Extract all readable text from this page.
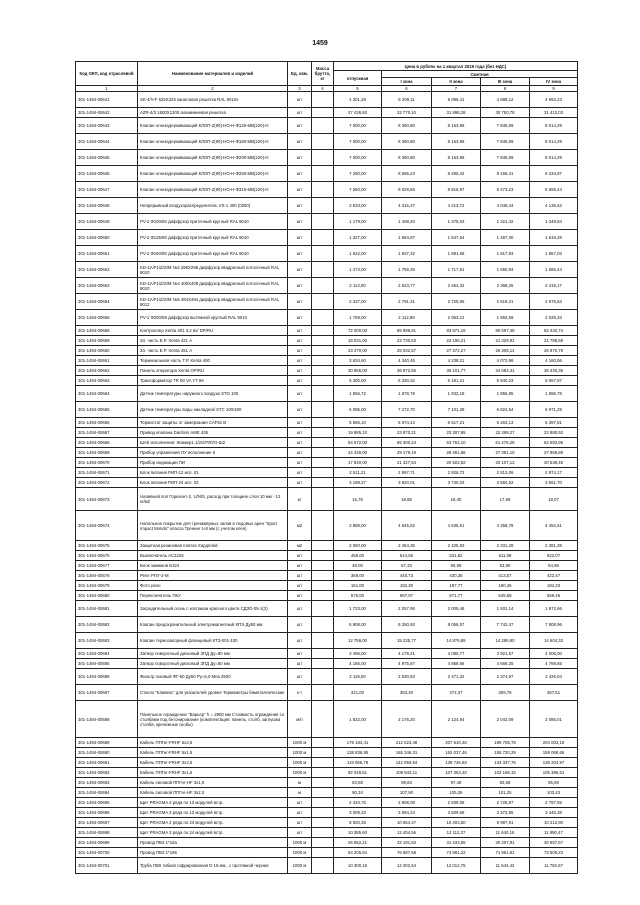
1459
Код ОКП, код отраслевой	Наименование материалов и изделий	Ед. изм.	Масса брутто, кг	Цена в рублях на 1 квартал 2019 года (без НДС)				
				отпускная	Сметная			
					I зона	II зона	III зона	IV зона
1	2	3	4	5	6	7	8	9
301-1494-00641	SK-4/V-F 625Х325 каналовая решетка RAL 9010s	шт		4 301,28	5 209,11	5 086,41	4 888,12	4 993,23
301-1494-00642	AZR-4/3 1500Х1200 алюминиевая решетка	шт		27 436,50	32 770,10	31 998,28	30 750,78	31 412,03
301-1494-00643	Клапан огнезадерживающий КЛОП-2(90)-НО-Н-Ф125-МВ(220)-Н	шт		7 000,00	8 360,80	8 163,86	7 845,59	8 014,29
301-1494-00644	Клапан огнезадерживающий КЛОП-2(90)-НО-Н-Ф160-МВ(220)-Н	шт		7 000,00	8 360,80	8 163,86	7 845,59	8 014,29
301-1494-00645	Клапан огнезадерживающий КЛОП-2(90)-НО-Н-Ф200-МВ(220)-Н	шт		7 000,00	8 360,80	8 163,86	7 845,59	8 014,29
301-1494-00646	Клапан огнезадерживающий КЛОП-2(90)-НО-Н-Ф250-МВ(220)-Н	шт		7 280,00	8 695,23	8 490,42	8 159,41	8 334,87
301-1494-00647	Клапан огнезадерживающий КЛОП-2(90)-НО-Н-Ф315-МВ(220)-Н	шт		7 560,00	9 029,66	8 816,97	8 473,23	8 655,44
301-1494-00648	Непрерывный воздухораспределитель VS-1 400 (0250)	шт		3 533,00	4 315,37	4 213,72	4 049,44	4 136,52
301-1494-00649	PV-2 Ф100/60 диффузор приточный круглый RAL 9010	шт		1 179,00	1 408,20	1 375,03	1 321,42	1 349,84
301-1494-00650	PV-2 Ф125/80 диффузор приточный круглый RAL 9010	шт		1 327,00	1 584,97	1 547,64	1 487,30	1 519,28
301-1494-00651	PV-2 Ф160/80 диффузор приточный круглый RAL 9010	шт		1 622,00	1 937,32	1 891,68	1 817,93	1 857,03
301-1494-00652	KD-1A/F1/Z/S/M №2 298Х298 диффузор квадратный потолочный RAL 9010	шт		1 473,00	1 759,35	1 717,91	1 650,94	1 686,44
301-1494-00653	KD-1A/F1/Z/S/M №4 408Х408 диффузор квадратный потолочный RAL 9010	шт		2 113,00	2 523,77	2 464,32	2 368,25	2 419,17
301-1494-00654	KD-1A/F1/Z/S/M №5 484Х484 диффузор квадратный потолочный RAL 9012	шт		2 337,00	2 791,31	2 725,56	2 619,31	2 675,63
301-1494-00656	PV-1 Ф200/59 диффузор вытяжной круглый RAL 9010	шт		1 769,00	2 112,89	2 063,12	1 982,69	2 025,33
301-1494-00658	Контроллер Xenta 401 3,2 вх/ DP/RU	шт		72 000,00	85 996,81	83 971,16	80 697,48	82 432,74
301-1494-00659	Зл. часть E.P. Xenta 421 А	шт		19 031,00	22 730,63	22 195,21	21 329,91	21 788,58
301-1494-00660	Зл. часть E.P. Xenta 451 А	шт		23 470,00	28 032,57	27 372,27	26 305,14	26 870,79
301-1494-00661	Терминальная часть Т.Р. Xenta 400	шт		3 634,60	4 340,45	4 238,21	4 072,98	4 160,56
301-1494-00662	Панель оператора Xenta OP/RU	шт		30 955,00	36 972,66	36 101,77	34 694,31	35 440,35
301-1494-00663	Трансформатор TR 50 VA YT 96	шт		5 300,00	6 330,32	6 181,21	5 940,23	6 067,97
301-1494-00664	Датчик температуры наружного воздуха STO 100	шт		1 656,72	1 978,79	1 932,18	1 856,85	1 896,78
301-1494-00665	Датчик температуры воды накладной STC 100/400	шт		6 085,00	7 272,70	7 101,39	6 824,54	6 971,29
301-1494-00666	Термостат защиты от замерзания CAF81 В	шт		5 586,10	6 674,43	6 517,21	6 263,13	6 397,81
301-1494-00667	Привод клапана Danfoss AME 435	шт		19 985,10	23 870,21	23 307,95	22 399,27	22 880,92
301-1494-00668	ШАК исполнения: Жаккер1.1/2О/ПЛУО-Ш2	шт		54 672,00	65 300,24	63 762,10	61 276,28	62 593,95
301-1494-00669	Прибор управления ПУ исполнение 5	шт		24 430,00	29 179,19	28 491,88	27 381,10	27 969,89
301-1494-00670	Прибор индикации ПИ	шт		17 940,00	21 427,54	20 922,82	20 107,12	20 539,49
301-1494-00671	Блок питания РИП-12 исп. 01	шт		2 511,21	2 997,71	2 926,72	2 813,06	2 874,17
301-1494-00672	Блок питания РИП-24 исп. 02	шт		3 198,27	3 820,01	3 730,03	3 584,62	3 661,70
301-1494-00673	Наливной пол Горизонт-2, U/N/S, расход при толщине слоя 10 мм - 13 кг/м2	кг		15,76	18,85	18,40	17,69	18,07
301-1494-00674	Напольное покрытие для тренажёрных залов в ледовых арен "Sport Impact Mondo" класса Тренинг t=8 мм (с учетом клея)	м2		3 889,00	4 645,02	4 535,61	4 358,78	4 452,51
301-1494-00675	Защитная резиновая плитка Хардплей	м2		2 060,00	2 454,35	2 425,83	2 331,28	2 381,38
301-1494-00676	Выключатель АС2226	шт		458,00	544,65	531,82	511,08	522,07
301-1494-00677	Блок зажимов Б324	шт		48,00	57,33	55,98	53,80	54,96
301-1494-00678	Реле РПУ-2-М	шт		369,00	440,73	430,35	413,57	422,47
301-1494-00679	Фото реле	шт		161,00	192,30	187,77	180,45	184,33
301-1494-00680	Переключатель ПКУ	шт		576,00	687,97	671,77	645,58	659,46
301-1494-00681	Заградительный огонь с колпаком красного цвета СДЗО-05-1(2)	шт		1 723,00	2 057,95	2 009,48	1 931,14	1 972,66
301-1494-00682	Клапан предохранительный электромагнитный КПЭ Ду50 мм	шт		6 908,00	8 250,92	8 056,57	7 742,47	7 908,96
301-1494-00683	Клапан термозапорный фланцевый КТЗ-001-100	шт		12 756,00	15 235,77	14 876,89	14 296,90	14 604,33
301-1494-00684	Затвор поворотный дисковый ЗПД Ду=80 мм	шт		3 496,00	4 179,21	4 080,77	3 921,67	4 006,00
301-1494-00685	Затвор поворотный дисковый ЗПД Ду=50 мм	шт		4 166,00	4 975,87	4 858,66	4 669,25	4 769,65
301-1494-00686	Фильтр газовый ФГ-50 Ду50 Ру=5,0 Мпа 2500	шт		2 119,00	2 530,93	2 471,32	2 374,97	2 426,04
301-1494-00687	Стекло "Кливекс" для указателей уровня Термометры биметаллические	к-т		321,00	383,40	374,37	359,78	367,51
301-1494-00688	Панельное ограждение "Барьер" h = 2900 мм Стоимость ограждения со столбами под бетонирование (комплектация: панель, столб, заглушка столба, крепежные скобы)	м/п		1 822,00	2 176,20	2 124,94	2 042,09	2 086,01
301-1494-00689	Кабель ППГнг-FRHF 5х2,5	1000 м		179 184,41	212 623,48	207 610,46	199 708,78	204 003,19
301-1494-00690	Кабель ППГнг-FRHF 5х1,5	1000 м		138 836,95	165 346,31	162 037,46	155 720,29	159 068,66
301-1494-00691	Кабель ППГнг-FRHF 3х2,5	1000 м		119 066,78	142 093,94	138 746,93	133 337,76	136 204,97
301-1494-00692	Кабель ППГнг-FRHF 3х1,5	1000 м		92 048,61	109 943,11	107 353,40	103 168,15	105 386,61
301-1494-00693	Кабель силовой ППГнг-НF 3х1,5	м		83,58	99,83	97,48	93,68	95,69
301-1494-00694	Кабель силовой ППГнг-НF 3х2,0	м		90,34	107,90	105,36	101,25	103,43
301-1494-00695	Щит PRAGMA 2 ряда по 13 модулей встр.	шт		2 434,76	2 908,08	2 839,58	2 728,87	2 787,55
301-1494-00696	Щит PRAGMA 3 ряда по 13 модулей встр.	шт		3 009,33	3 594,34	3 509,68	3 372,85	3 445,38
301-1494-00697	Щит PRAGMA 2 ряда по 24 модулей встр.	шт		8 920,35	10 654,47	10 403,50	9 997,91	10 212,90
301-1494-00698	Щит PRAGMA 3 ряда по 24 модулей встр.	шт		10 385,60	12 404,56	12 112,37	11 640,16	11 890,47
301-1494-00699	Провод ПВ3 1*16а	1000 м		26 952,21	32 191,83	31 433,55	30 207,91	30 857,57
301-1494-00700	Провод ПВ3 1*165	1000 м		64 205,84	76 687,58	74 881,22	71 961,81	73 509,23
301-1494-00701	Труба ПВХ гибкая гофрированная D 16 мм., с протяжкой черная	1000 м		10 300,16	12 302,54	12 012,75	11 544,42	11 792,67
